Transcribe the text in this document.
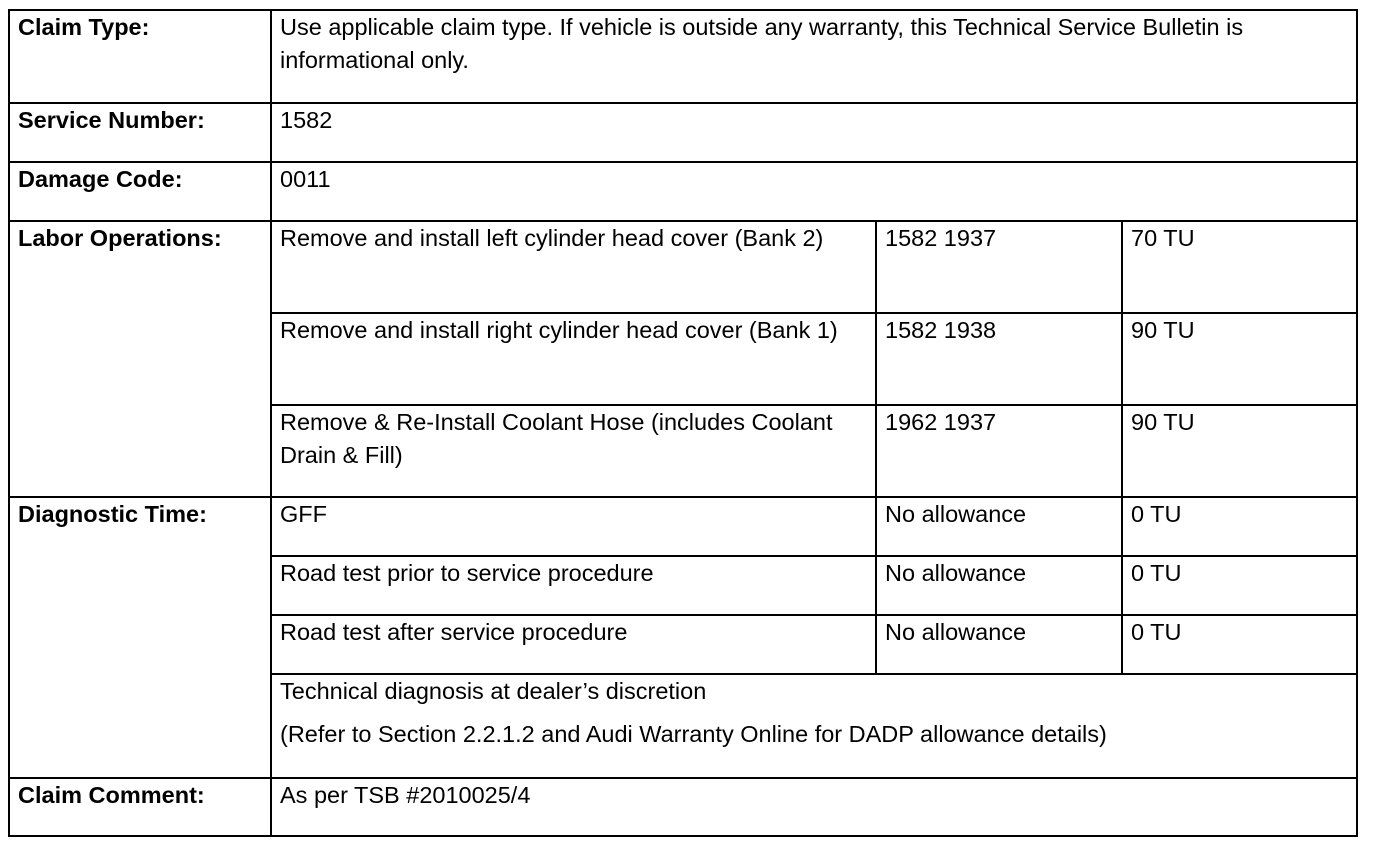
Claim Type:	Use applicable claim type. If vehicle is outside any warranty, this Technical Service Bulletin is informational only.		
Service Number:	1582		
Damage Code:	0011		
Labor Operations:	Remove and install left cylinder head cover (Bank 2)	1582 1937	70 TU
	Remove and install right cylinder head cover (Bank 1)	1582 1938	90 TU
	Remove & Re-Install Coolant Hose (includes Coolant Drain & Fill)	1962 1937	90 TU
Diagnostic Time:	GFF	No allowance	0 TU
	Road test prior to service procedure	No allowance	0 TU
	Road test after service procedure	No allowance	0 TU

	Technical diagnosis at dealer’s discretion
(Refer to Section 2.2.1.2 and Audi Warranty Online for DADP allowance details)		

Claim Comment:	As per TSB #2010025/4		
